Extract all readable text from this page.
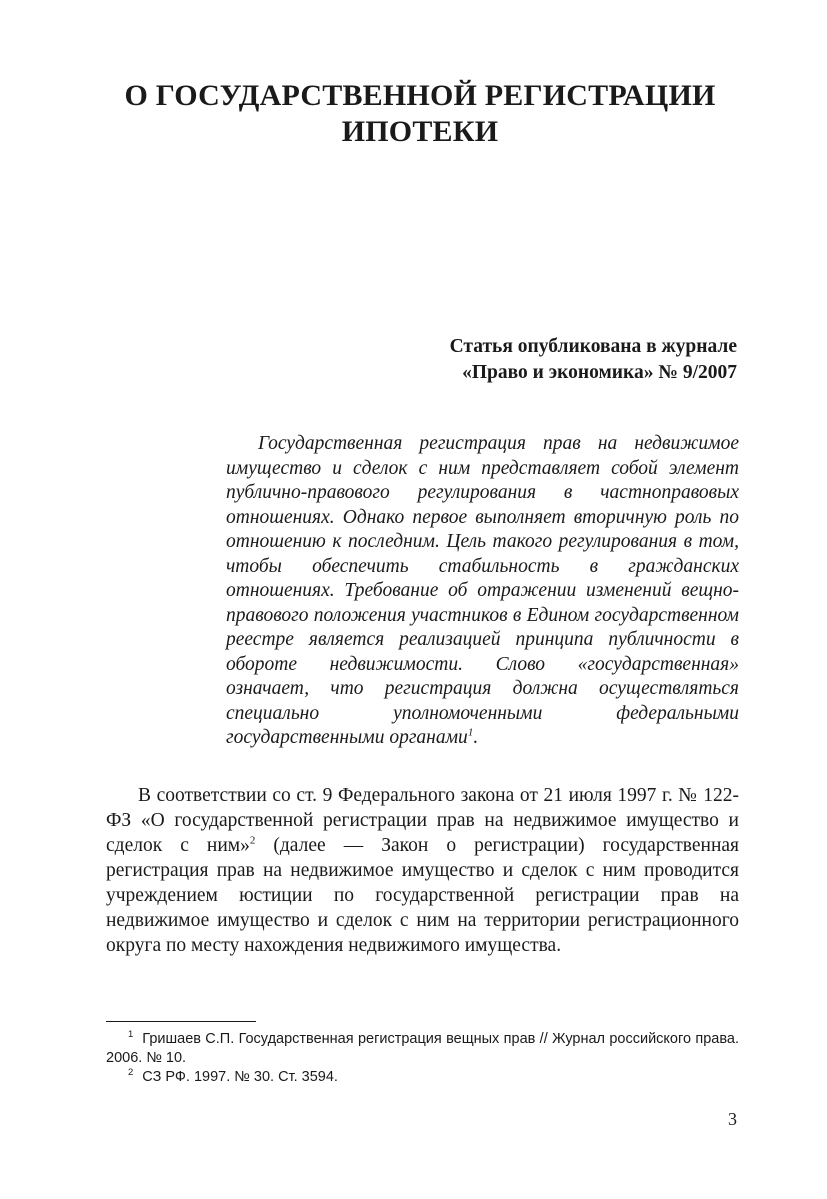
О ГОСУДАРСТВЕННОЙ РЕГИСТРАЦИИ
ИПОТЕКИ
Статья опубликована в журнале
«Право и экономика» № 9/2007

Государственная регистрация прав на недвижимое имущество и сделок с ним представляет собой элемент публично-правового регулирования в частноправовых отношениях. Однако первое выполняет вторичную роль по отношению к последним. Цель такого регулирования в том, чтобы обеспечить стабильность в гражданских отношениях. Требование об отражении изменений вещно-правового положения участников в Едином государственном реестре является реализацией принципа публичности в обороте недвижимости. Слово «государственная» означает, что регистрация должна осуществляться специально уполномоченными федеральными государственными органами$^1$.

В соответствии со ст. 9 Федерального закона от 21 июля 1997 г. № 122-ФЗ «О государственной регистрации прав на недвижимое имущество и сделок с ним»$^2$ (далее — Закон о регистрации) государственная регистрация прав на недвижимое имущество и сделок с ним проводится учреждением юстиции по государственной регистрации прав на недвижимое имущество и сделок с ним на территории регистрационного округа по месту нахождения недвижимого имущества.

$^1$ Гришаев С.П. Государственная регистрация вещных прав // Журнал российского права. 2006. № 10.

$^2$ СЗ РФ. 1997. № 30. Ст. 3594.

3
